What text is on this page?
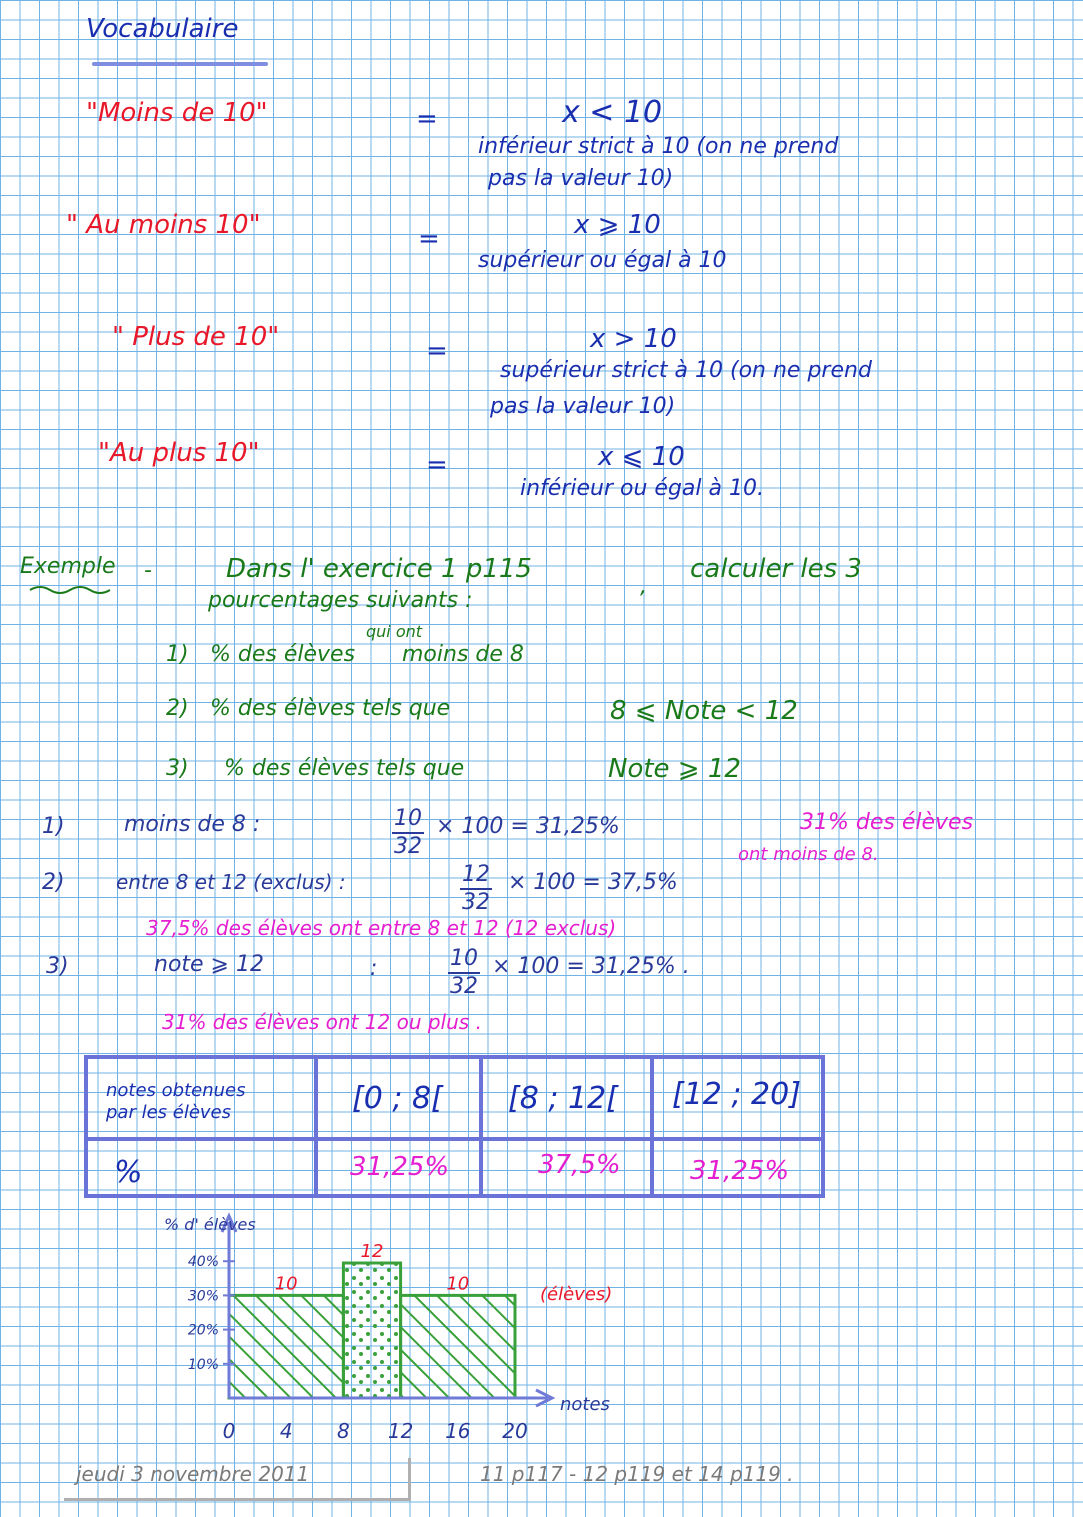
Vocabulaire
"Moins de 10"	=	x < 10
inférieur strict à 10 (on ne prend
pas la valeur 10)
" Au moins 10"	=	x ⩾ 10
supérieur ou égal à 10
" Plus de 10"	=	x > 10
supérieur strict à 10 (on ne prend
pas la valeur 10)
"Au plus 10"	=	x ⩽ 10
inférieur ou égal à 10.
Exemple -	Dans l' exercice 1 p115
,
calculer les 3
pourcentages suivants :
1) % des élèves
qui ont
moins de 8
2) % des élèves tels que	8 ⩽ Note < 12
3) % des élèves tels que	Note ⩾ 12
1)	moins de 8 :	$\frac{10}{32} \times 100 = 31,25\%$	31% des élèves
ont moins de 8.
2)	entre 8 et 12 (exclus) :	$\frac{12}{32} \times 100 = 37,5\%$
37,5% des élèves ont entre 8 et 12 (12 exclus)
3)	note ⩾ 12	:	$\frac{10}{32} \times 100 = 31,25\%$ .
31% des élèves ont 12 ou plus .
notes obtenues
par les élèves	[0 ; 8[ [8 ; 12[ [12 ; 20]
%	31,25%	37,5%	31,25%
10
12
10
0 4 8 12 16 20
10%
20%
30%
40%
notes
% d' élèves
(élèves)
jeudi 3 novembre 2011	11 p117 - 12 p119 et 14 p119 .
